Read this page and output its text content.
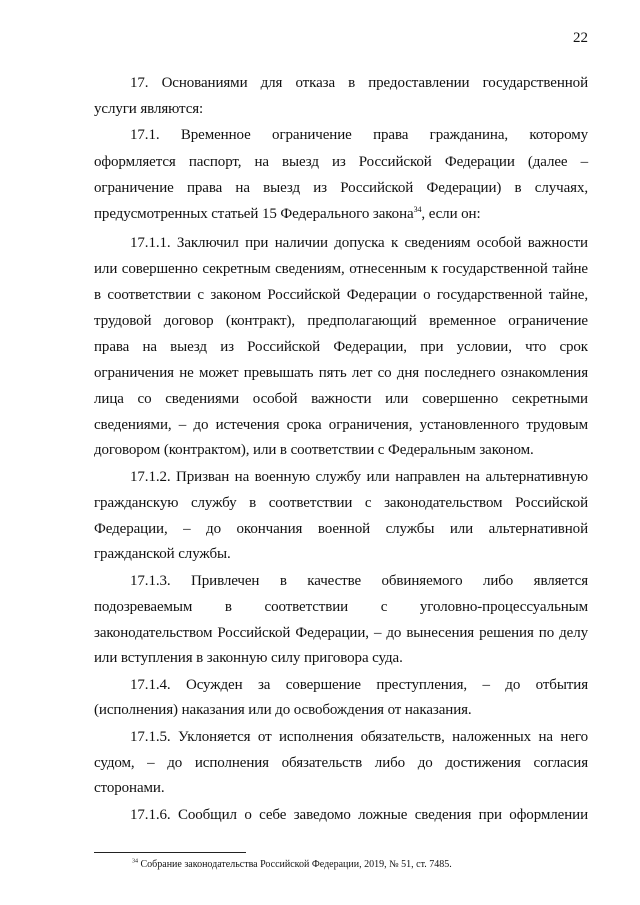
22
17. Основаниями для отказа в предоставлении государственной
услуги являются:
17.1. Временное ограничение права гражданина, которому
оформляется паспорт, на выезд из Российской Федерации (далее –
ограничение права на выезд из Российской Федерации) в случаях,
предусмотренных статьей 15 Федерального закона$^{34}$, если он:
17.1.1. Заключил при наличии допуска к сведениям особой важности
или совершенно секретным сведениям, отнесенным к государственной тайне
в соответствии с законом Российской Федерации о государственной тайне,
трудовой договор (контракт), предполагающий временное ограничение
права на выезд из Российской Федерации, при условии, что срок
ограничения не может превышать пять лет со дня последнего ознакомления
лица со сведениями особой важности или совершенно секретными
сведениями, – до истечения срока ограничения, установленного трудовым
договором (контрактом), или в соответствии с Федеральным законом.
17.1.2. Призван на военную службу или направлен на альтернативную
гражданскую службу в соответствии с законодательством Российской
Федерации, – до окончания военной службы или альтернативной
гражданской службы.
17.1.3. Привлечен в качестве обвиняемого либо является
подозреваемым в соответствии с уголовно-процессуальным
законодательством Российской Федерации, – до вынесения решения по делу
или вступления в законную силу приговора суда.
17.1.4. Осужден за совершение преступления, – до отбытия
(исполнения) наказания или до освобождения от наказания.
17.1.5. Уклоняется от исполнения обязательств, наложенных на него
судом, – до исполнения обязательств либо до достижения согласия
сторонами.
17.1.6. Сообщил о себе заведомо ложные сведения при оформлении
$^{34}$ Собрание законодательства Российской Федерации, 2019, № 51, ст. 7485.
